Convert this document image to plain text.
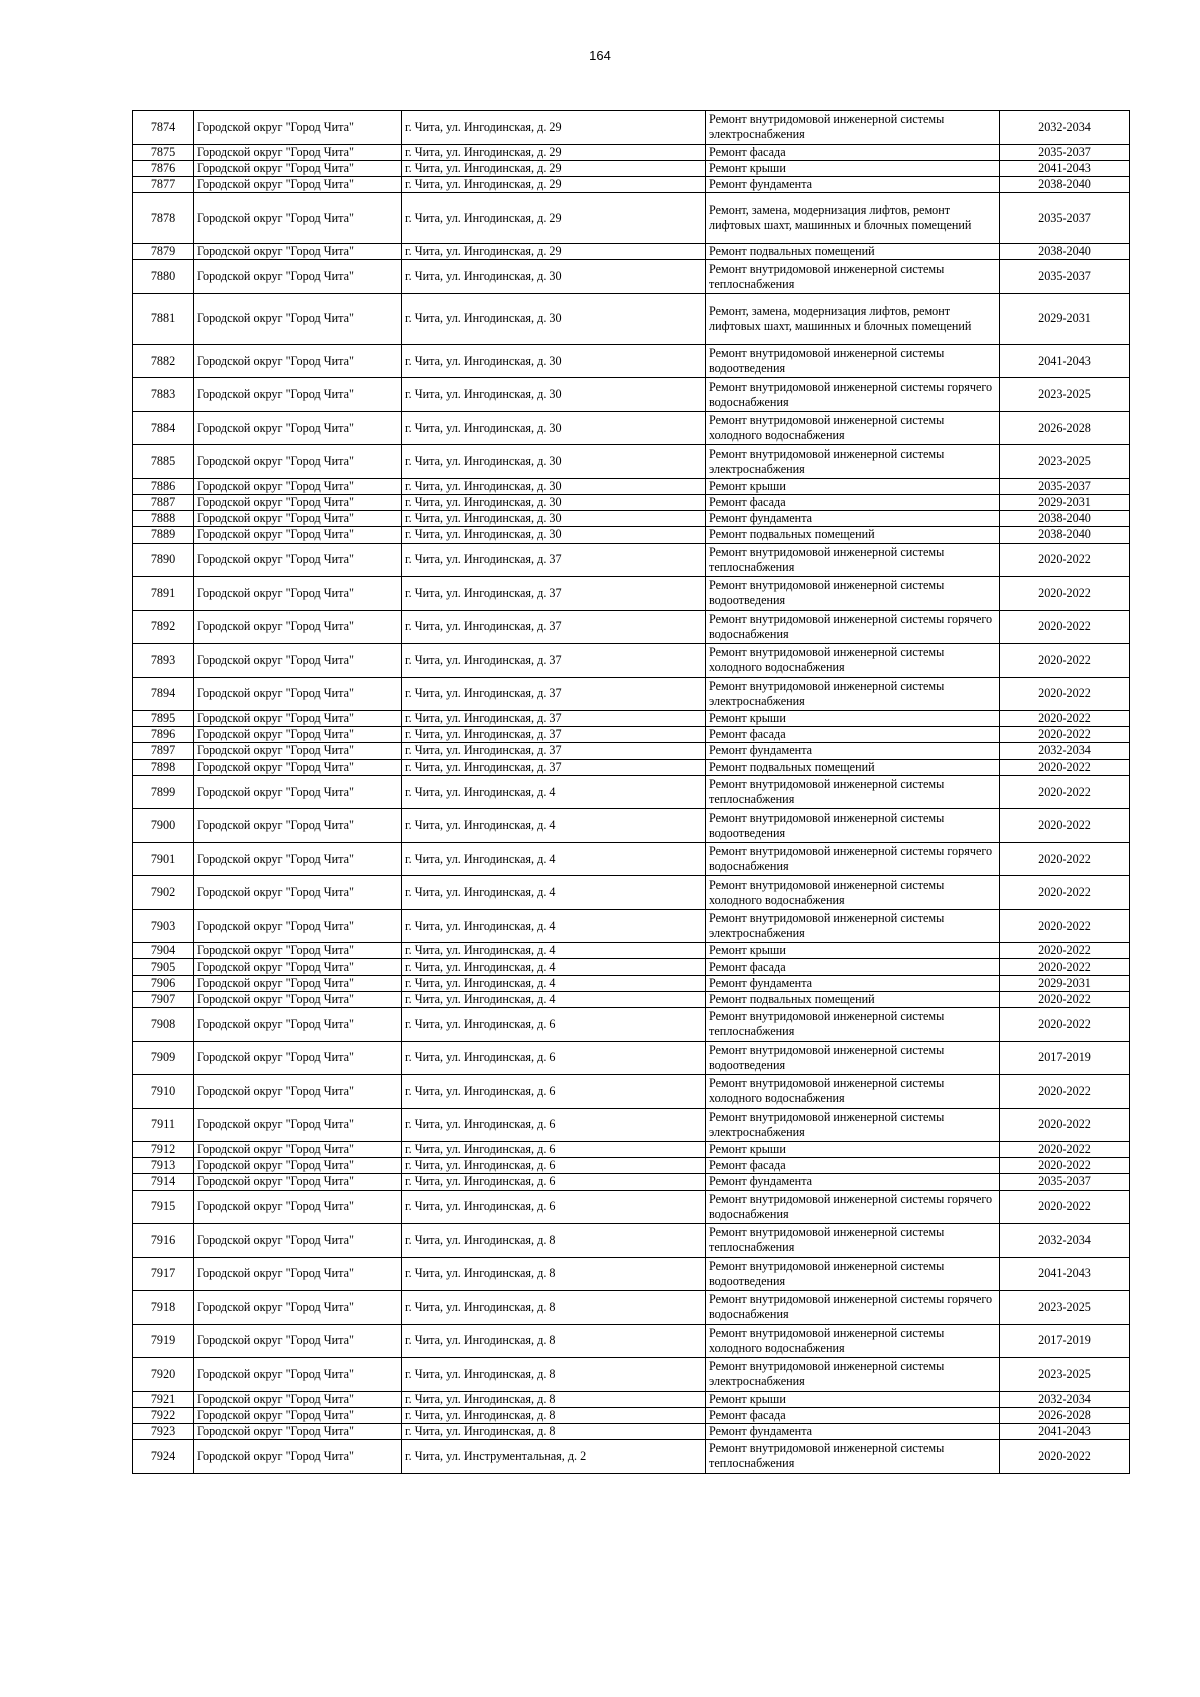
164
7874	Городской округ "Город Чита"	г. Чита, ул. Ингодинская, д. 29	Ремонт внутридомовой инженерной системы электроснабжения	2032-2034
7875	Городской округ "Город Чита"	г. Чита, ул. Ингодинская, д. 29	Ремонт фасада	2035-2037
7876	Городской округ "Город Чита"	г. Чита, ул. Ингодинская, д. 29	Ремонт крыши	2041-2043
7877	Городской округ "Город Чита"	г. Чита, ул. Ингодинская, д. 29	Ремонт фундамента	2038-2040
7878	Городской округ "Город Чита"	г. Чита, ул. Ингодинская, д. 29	Ремонт, замена, модернизация лифтов, ремонт лифтовых шахт, машинных и блочных помещений	2035-2037
7879	Городской округ "Город Чита"	г. Чита, ул. Ингодинская, д. 29	Ремонт подвальных помещений	2038-2040
7880	Городской округ "Город Чита"	г. Чита, ул. Ингодинская, д. 30	Ремонт внутридомовой инженерной системы теплоснабжения	2035-2037
7881	Городской округ "Город Чита"	г. Чита, ул. Ингодинская, д. 30	Ремонт, замена, модернизация лифтов, ремонт лифтовых шахт, машинных и блочных помещений	2029-2031
7882	Городской округ "Город Чита"	г. Чита, ул. Ингодинская, д. 30	Ремонт внутридомовой инженерной системы водоотведения	2041-2043
7883	Городской округ "Город Чита"	г. Чита, ул. Ингодинская, д. 30	Ремонт внутридомовой инженерной системы горячего водоснабжения	2023-2025
7884	Городской округ "Город Чита"	г. Чита, ул. Ингодинская, д. 30	Ремонт внутридомовой инженерной системы холодного водоснабжения	2026-2028
7885	Городской округ "Город Чита"	г. Чита, ул. Ингодинская, д. 30	Ремонт внутридомовой инженерной системы электроснабжения	2023-2025
7886	Городской округ "Город Чита"	г. Чита, ул. Ингодинская, д. 30	Ремонт крыши	2035-2037
7887	Городской округ "Город Чита"	г. Чита, ул. Ингодинская, д. 30	Ремонт фасада	2029-2031
7888	Городской округ "Город Чита"	г. Чита, ул. Ингодинская, д. 30	Ремонт фундамента	2038-2040
7889	Городской округ "Город Чита"	г. Чита, ул. Ингодинская, д. 30	Ремонт подвальных помещений	2038-2040
7890	Городской округ "Город Чита"	г. Чита, ул. Ингодинская, д. 37	Ремонт внутридомовой инженерной системы теплоснабжения	2020-2022
7891	Городской округ "Город Чита"	г. Чита, ул. Ингодинская, д. 37	Ремонт внутридомовой инженерной системы водоотведения	2020-2022
7892	Городской округ "Город Чита"	г. Чита, ул. Ингодинская, д. 37	Ремонт внутридомовой инженерной системы горячего водоснабжения	2020-2022
7893	Городской округ "Город Чита"	г. Чита, ул. Ингодинская, д. 37	Ремонт внутридомовой инженерной системы холодного водоснабжения	2020-2022
7894	Городской округ "Город Чита"	г. Чита, ул. Ингодинская, д. 37	Ремонт внутридомовой инженерной системы электроснабжения	2020-2022
7895	Городской округ "Город Чита"	г. Чита, ул. Ингодинская, д. 37	Ремонт крыши	2020-2022
7896	Городской округ "Город Чита"	г. Чита, ул. Ингодинская, д. 37	Ремонт фасада	2020-2022
7897	Городской округ "Город Чита"	г. Чита, ул. Ингодинская, д. 37	Ремонт фундамента	2032-2034
7898	Городской округ "Город Чита"	г. Чита, ул. Ингодинская, д. 37	Ремонт подвальных помещений	2020-2022
7899	Городской округ "Город Чита"	г. Чита, ул. Ингодинская, д. 4	Ремонт внутридомовой инженерной системы теплоснабжения	2020-2022
7900	Городской округ "Город Чита"	г. Чита, ул. Ингодинская, д. 4	Ремонт внутридомовой инженерной системы водоотведения	2020-2022
7901	Городской округ "Город Чита"	г. Чита, ул. Ингодинская, д. 4	Ремонт внутридомовой инженерной системы горячего водоснабжения	2020-2022
7902	Городской округ "Город Чита"	г. Чита, ул. Ингодинская, д. 4	Ремонт внутридомовой инженерной системы холодного водоснабжения	2020-2022
7903	Городской округ "Город Чита"	г. Чита, ул. Ингодинская, д. 4	Ремонт внутридомовой инженерной системы электроснабжения	2020-2022
7904	Городской округ "Город Чита"	г. Чита, ул. Ингодинская, д. 4	Ремонт крыши	2020-2022
7905	Городской округ "Город Чита"	г. Чита, ул. Ингодинская, д. 4	Ремонт фасада	2020-2022
7906	Городской округ "Город Чита"	г. Чита, ул. Ингодинская, д. 4	Ремонт фундамента	2029-2031
7907	Городской округ "Город Чита"	г. Чита, ул. Ингодинская, д. 4	Ремонт подвальных помещений	2020-2022
7908	Городской округ "Город Чита"	г. Чита, ул. Ингодинская, д. 6	Ремонт внутридомовой инженерной системы теплоснабжения	2020-2022
7909	Городской округ "Город Чита"	г. Чита, ул. Ингодинская, д. 6	Ремонт внутридомовой инженерной системы водоотведения	2017-2019
7910	Городской округ "Город Чита"	г. Чита, ул. Ингодинская, д. 6	Ремонт внутридомовой инженерной системы холодного водоснабжения	2020-2022
7911	Городской округ "Город Чита"	г. Чита, ул. Ингодинская, д. 6	Ремонт внутридомовой инженерной системы электроснабжения	2020-2022
7912	Городской округ "Город Чита"	г. Чита, ул. Ингодинская, д. 6	Ремонт крыши	2020-2022
7913	Городской округ "Город Чита"	г. Чита, ул. Ингодинская, д. 6	Ремонт фасада	2020-2022
7914	Городской округ "Город Чита"	г. Чита, ул. Ингодинская, д. 6	Ремонт фундамента	2035-2037
7915	Городской округ "Город Чита"	г. Чита, ул. Ингодинская, д. 6	Ремонт внутридомовой инженерной системы горячего водоснабжения	2020-2022
7916	Городской округ "Город Чита"	г. Чита, ул. Ингодинская, д. 8	Ремонт внутридомовой инженерной системы теплоснабжения	2032-2034
7917	Городской округ "Город Чита"	г. Чита, ул. Ингодинская, д. 8	Ремонт внутридомовой инженерной системы водоотведения	2041-2043
7918	Городской округ "Город Чита"	г. Чита, ул. Ингодинская, д. 8	Ремонт внутридомовой инженерной системы горячего водоснабжения	2023-2025
7919	Городской округ "Город Чита"	г. Чита, ул. Ингодинская, д. 8	Ремонт внутридомовой инженерной системы холодного водоснабжения	2017-2019
7920	Городской округ "Город Чита"	г. Чита, ул. Ингодинская, д. 8	Ремонт внутридомовой инженерной системы электроснабжения	2023-2025
7921	Городской округ "Город Чита"	г. Чита, ул. Ингодинская, д. 8	Ремонт крыши	2032-2034
7922	Городской округ "Город Чита"	г. Чита, ул. Ингодинская, д. 8	Ремонт фасада	2026-2028
7923	Городской округ "Город Чита"	г. Чита, ул. Ингодинская, д. 8	Ремонт фундамента	2041-2043
7924	Городской округ "Город Чита"	г. Чита, ул. Инструментальная, д. 2	Ремонт внутридомовой инженерной системы теплоснабжения	2020-2022
